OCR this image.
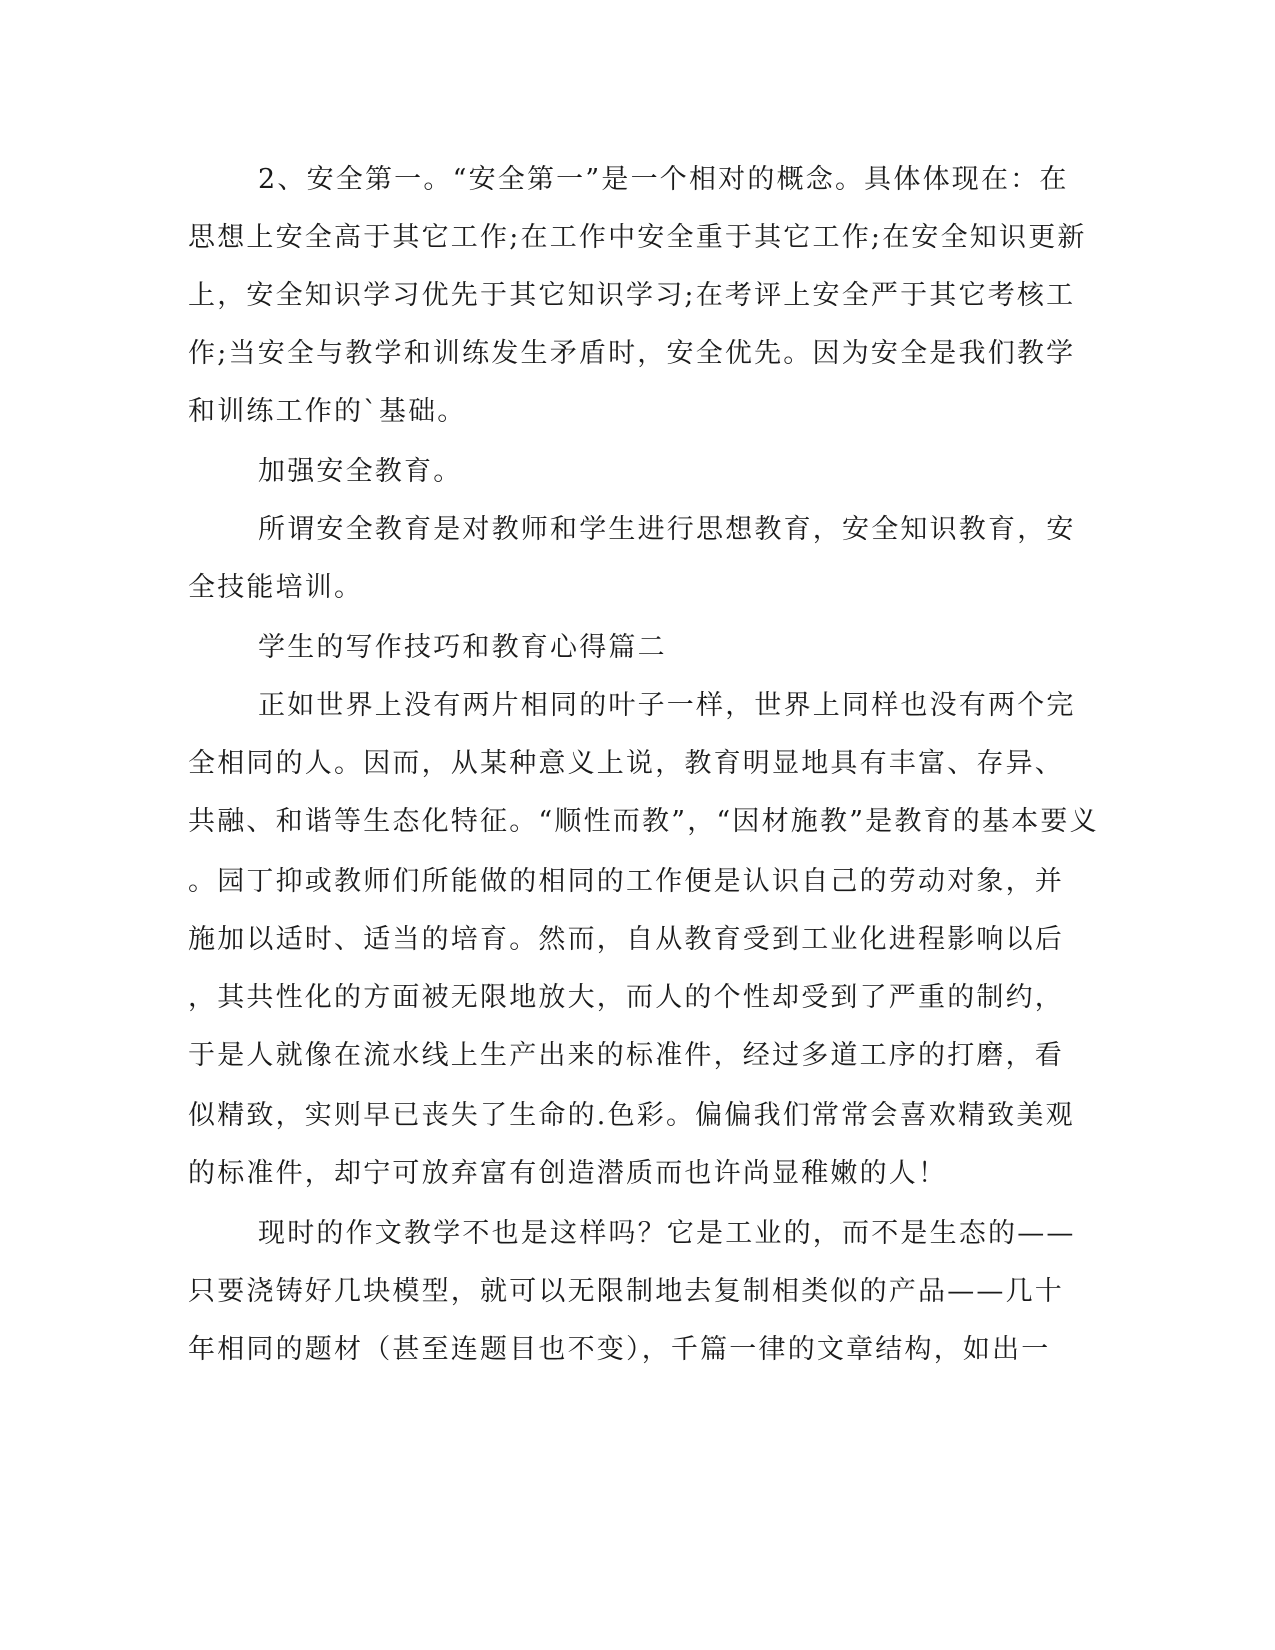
2、安全第一。“安全第一”是一个相对的概念。具体体现在：在
思想上安全高于其它工作;在工作中安全重于其它工作;在安全知识更新
上，安全知识学习优先于其它知识学习;在考评上安全严于其它考核工
作;当安全与教学和训练发生矛盾时，安全优先。因为安全是我们教学
和训练工作的`基础。
加强安全教育。
所谓安全教育是对教师和学生进行思想教育，安全知识教育，安
全技能培训。
学生的写作技巧和教育心得篇二
正如世界上没有两片相同的叶子一样，世界上同样也没有两个完
全相同的人。因而，从某种意义上说，教育明显地具有丰富、存异、
共融、和谐等生态化特征。“顺性而教”，“因材施教”是教育的基本要义
。园丁抑或教师们所能做的相同的工作便是认识自己的劳动对象，并
施加以适时、适当的培育。然而，自从教育受到工业化进程影响以后
，其共性化的方面被无限地放大，而人的个性却受到了严重的制约，
于是人就像在流水线上生产出来的标准件，经过多道工序的打磨，看
似精致，实则早已丧失了生命的.色彩。偏偏我们常常会喜欢精致美观
的标准件，却宁可放弃富有创造潜质而也许尚显稚嫩的人！
现时的作文教学不也是这样吗？它是工业的，而不是生态的——
只要浇铸好几块模型，就可以无限制地去复制相类似的产品——几十
年相同的题材（甚至连题目也不变），千篇一律的文章结构，如出一
